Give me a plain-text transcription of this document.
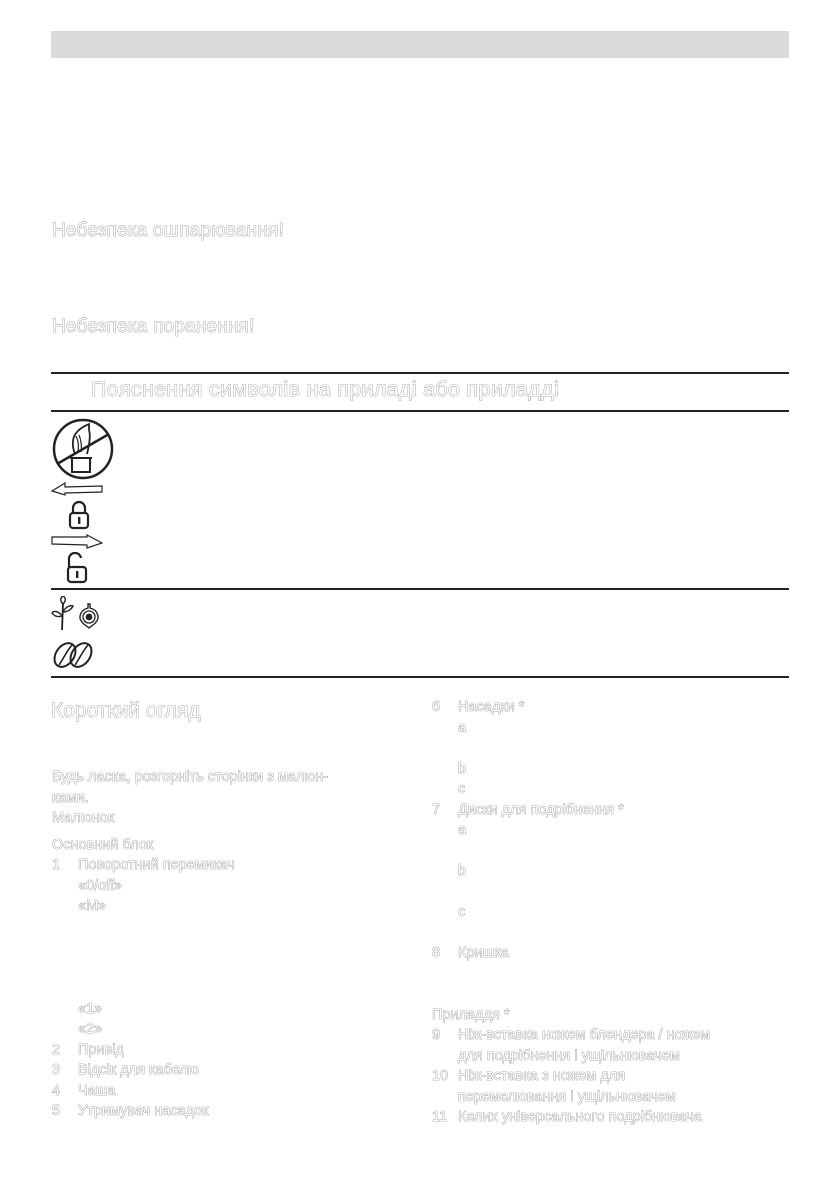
Небезпека ошпарювання!
Небезпека поранення!
Пояснення символів на приладі або приладді
Короткий огляд
Будь ласка, розгорніть сторінки з малюн-
ками.
Малюнок
Основний блок
1	Поворотний перемикач
«0/off»
«M»
«1»
«2»
2	Привід
3	Відсік для кабелю
4	Чаша
5	Утримувач насадок
6	Насадки *
a
b
c
7	Диски для подрібнення *
a
b
c
8	Кришка
Приладдя *
9	Ніж-вставка ножем блендера / ножем
для подрібнення і ущільнювачем
10 Ніж-вставка з ножем для
перемелювання і ущільнювачем
11 Келих універсального подрібнювача
